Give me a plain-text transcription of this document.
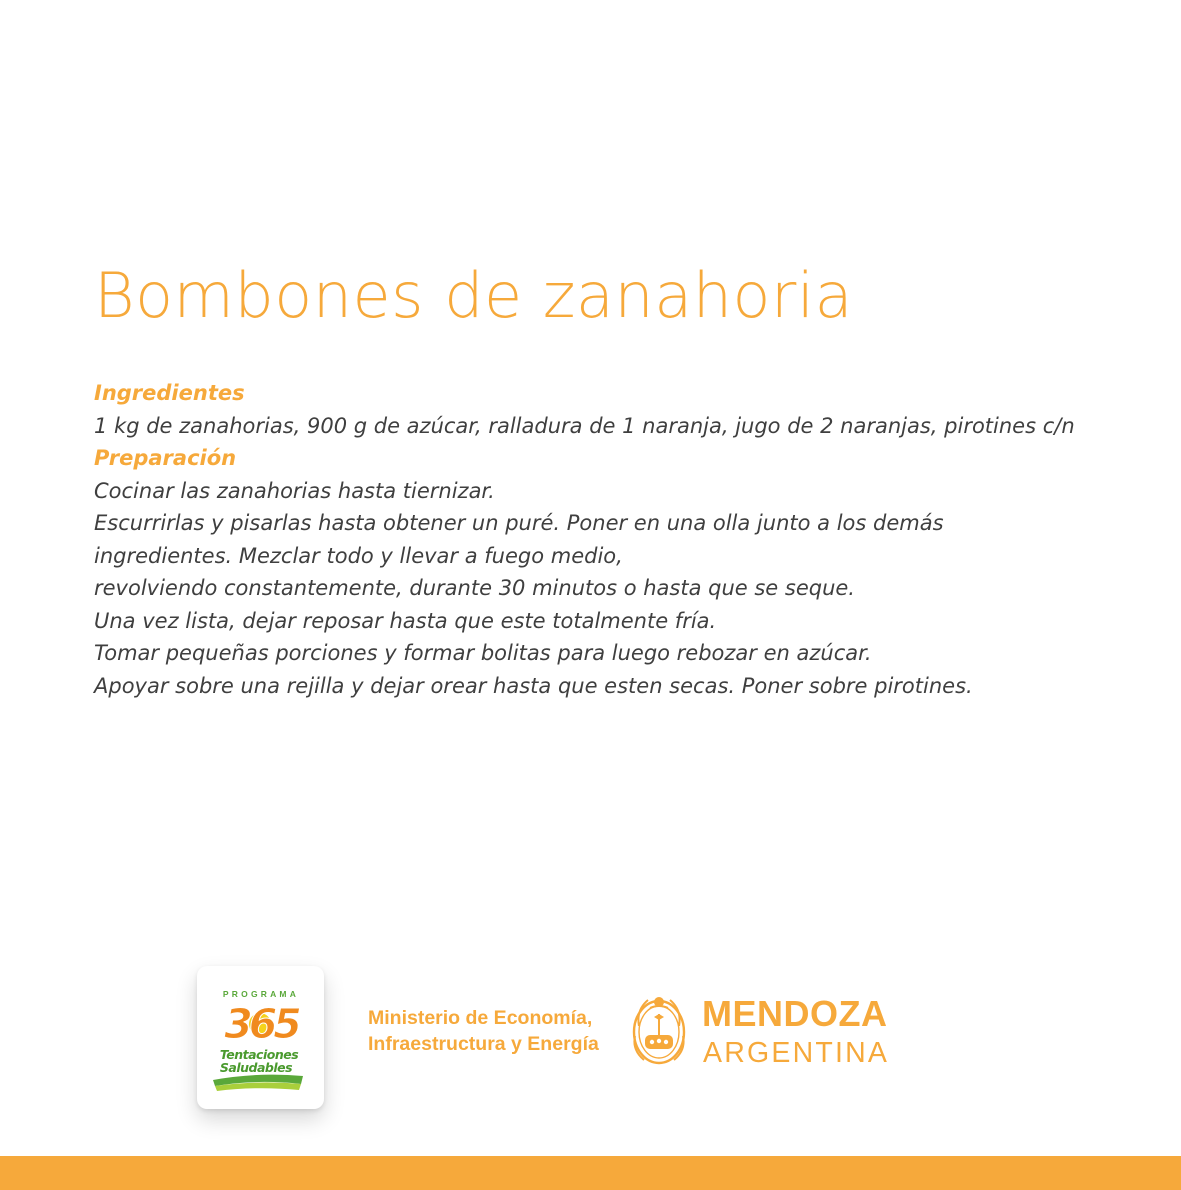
Bombones de zanahoria
Ingredientes
1 kg de zanahorias, 900 g de azúcar, ralladura de 1 naranja, jugo de 2 naranjas, pirotines c/n
Preparación
Cocinar las zanahorias hasta tiernizar.
Escurrirlas y pisarlas hasta obtener un puré. Poner en una olla junto a los demás
ingredientes. Mezclar todo y llevar a fuego medio,
revolviendo constantemente, durante 30 minutos o hasta que se seque.
Una vez lista, dejar reposar hasta que este totalmente fría.
Tomar pequeñas porciones y formar bolitas para luego rebozar en azúcar.
Apoyar sobre una rejilla y dejar orear hasta que esten secas. Poner sobre pirotines.
PROGRAMA
365
Tentaciones
Saludables
Ministerio de Economía,
Infraestructura y Energía
MENDOZA
ARGENTINA
